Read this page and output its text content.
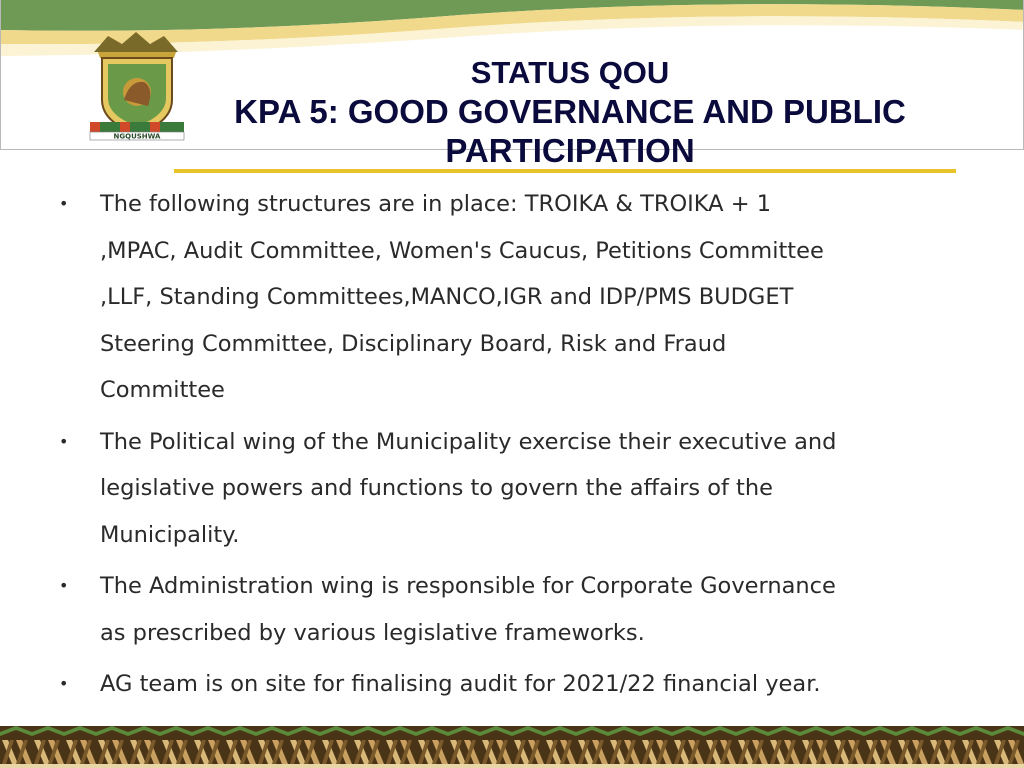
NGQUSHWA
STATUS QOU
KPA 5: GOOD GOVERNANCE AND PUBLIC
PARTICIPATION
• The following structures are in place: TROIKA & TROIKA + 1
,MPAC, Audit Committee, Women's Caucus, Petitions Committee
,LLF, Standing Committees,MANCO,IGR and IDP/PMS BUDGET
Steering Committee, Disciplinary Board, Risk and Fraud
Committee
• The Political wing of the Municipality exercise their executive and
legislative powers and functions to govern the affairs of the
Municipality.
• The Administration wing is responsible for Corporate Governance
as prescribed by various legislative frameworks.
• AG team is on site for finalising audit for 2021/22 financial year.
